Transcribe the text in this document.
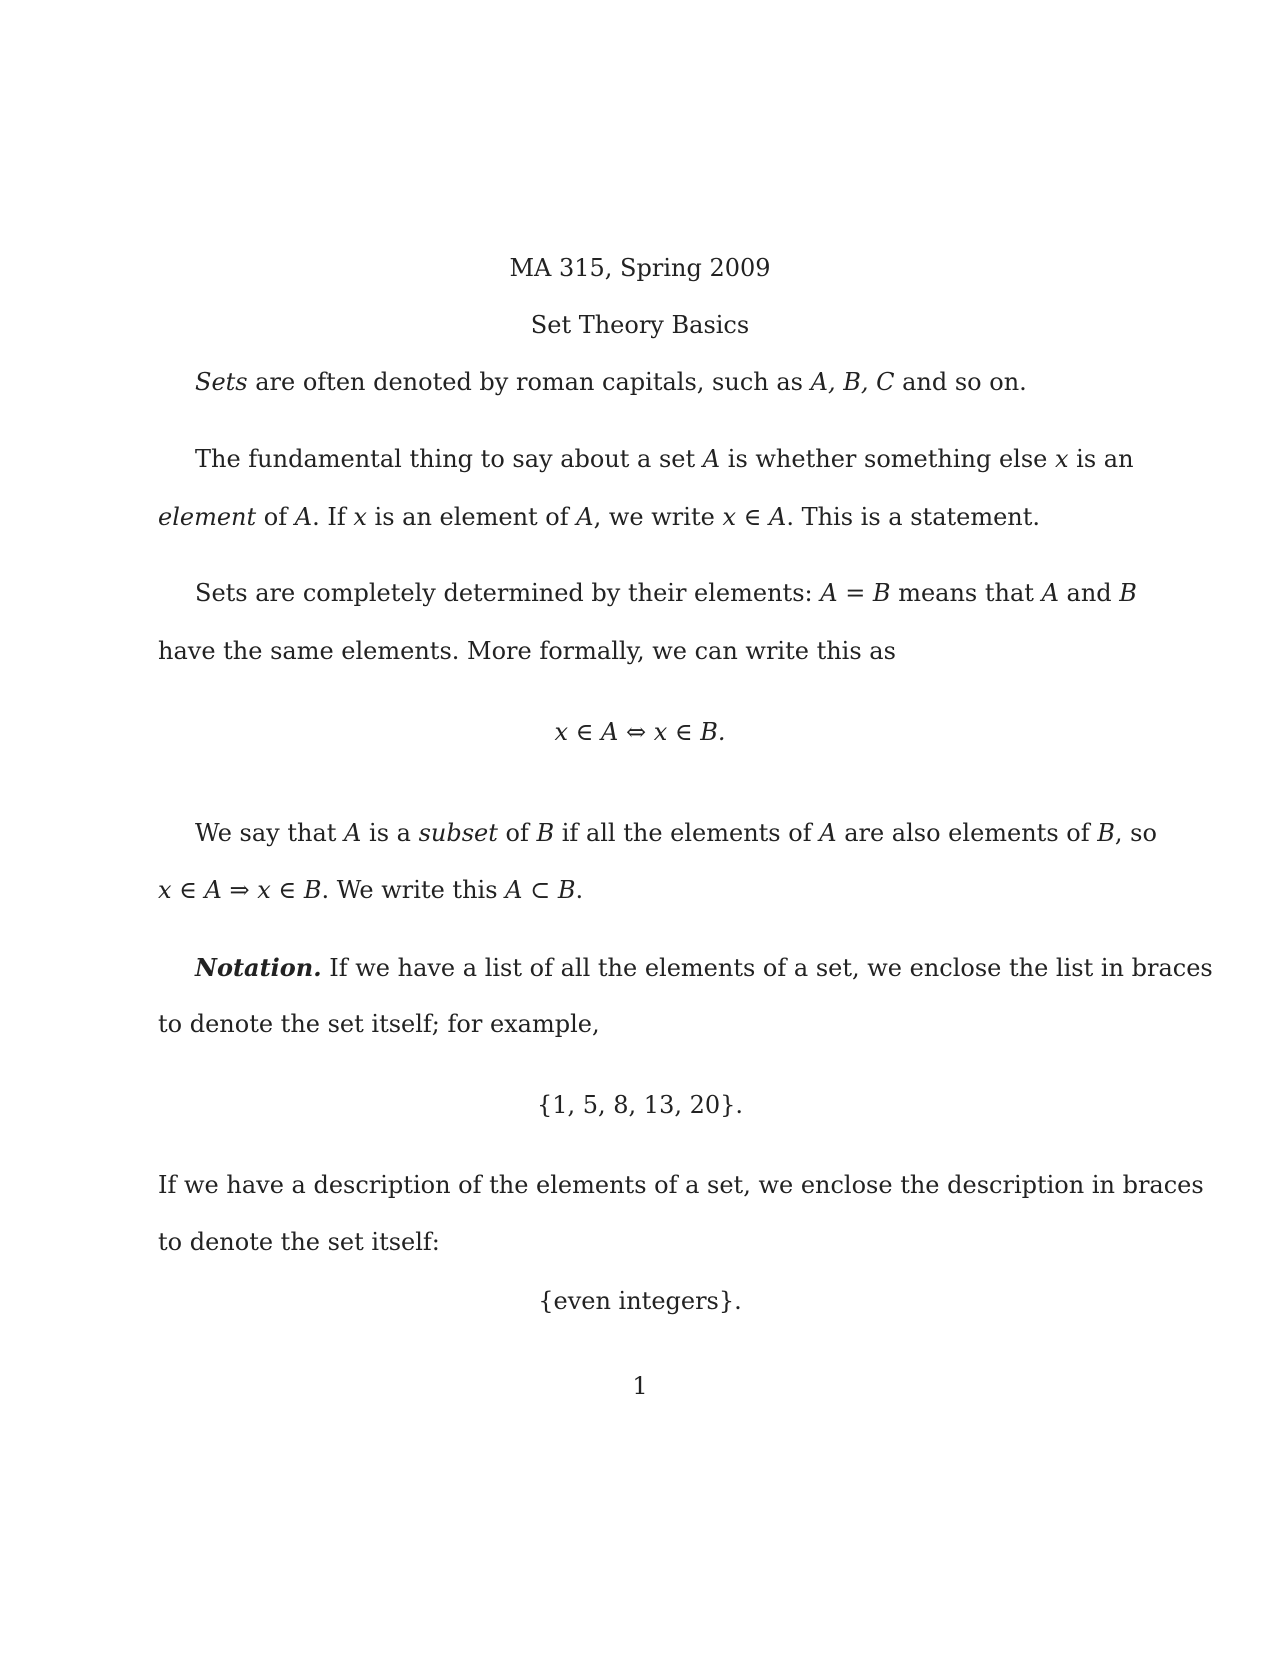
MA 315, Spring 2009
Set Theory Basics
Sets are often denoted by roman capitals, such as A, B, C and so on.
The fundamental thing to say about a set A is whether something else x is an
element of A. If x is an element of A, we write x ∈ A. This is a statement.
Sets are completely determined by their elements: A = B means that A and B
have the same elements. More formally, we can write this as
x ∈ A ⇔ x ∈ B.
We say that A is a subset of B if all the elements of A are also elements of B, so
x ∈ A ⇒ x ∈ B. We write this A ⊂ B.
Notation. If we have a list of all the elements of a set, we enclose the list in braces
to denote the set itself; for example,
{1, 5, 8, 13, 20}.
If we have a description of the elements of a set, we enclose the description in braces
to denote the set itself:
{even integers}.
1
